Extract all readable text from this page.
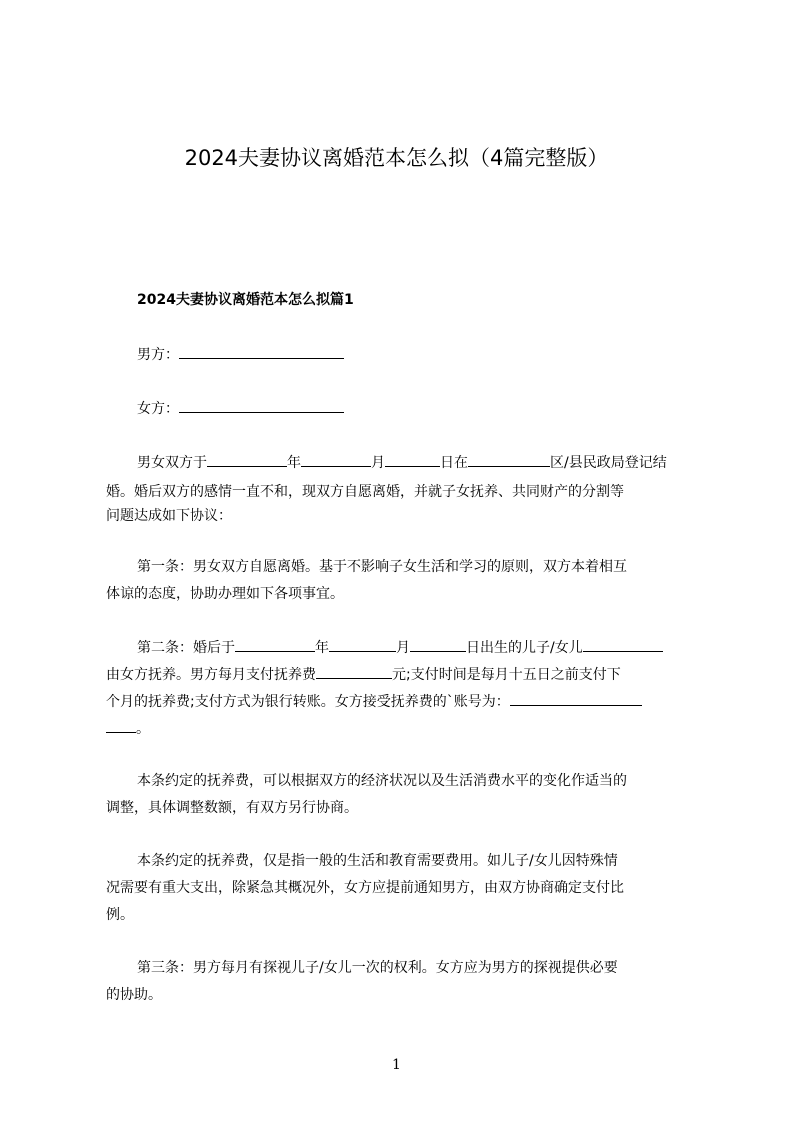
2024夫妻协议离婚范本怎么拟（4篇完整版）
2024夫妻协议离婚范本怎么拟篇1
男方：
女方：
男女双方于	年	月	日在	区/县民政局登记结
婚。婚后双方的感情一直不和，现双方自愿离婚，并就子女抚养、共同财产的分割等
问题达成如下协议：
第一条：男女双方自愿离婚。基于不影响子女生活和学习的原则，双方本着相互
体谅的态度，协助办理如下各项事宜。
第二条：婚后于	年	月	日出生的儿子/女儿
由女方抚养。男方每月支付抚养费	元;支付时间是每月十五日之前支付下
个月的抚养费;支付方式为银行转账。女方接受抚养费的`账号为：
。
本条约定的抚养费，可以根据双方的经济状况以及生活消费水平的变化作适当的
调整，具体调整数额，有双方另行协商。
本条约定的抚养费，仅是指一般的生活和教育需要费用。如儿子/女儿因特殊情
况需要有重大支出，除紧急其概况外，女方应提前通知男方，由双方协商确定支付比
例。
第三条：男方每月有探视儿子/女儿一次的权利。女方应为男方的探视提供必要
的协助。
1
